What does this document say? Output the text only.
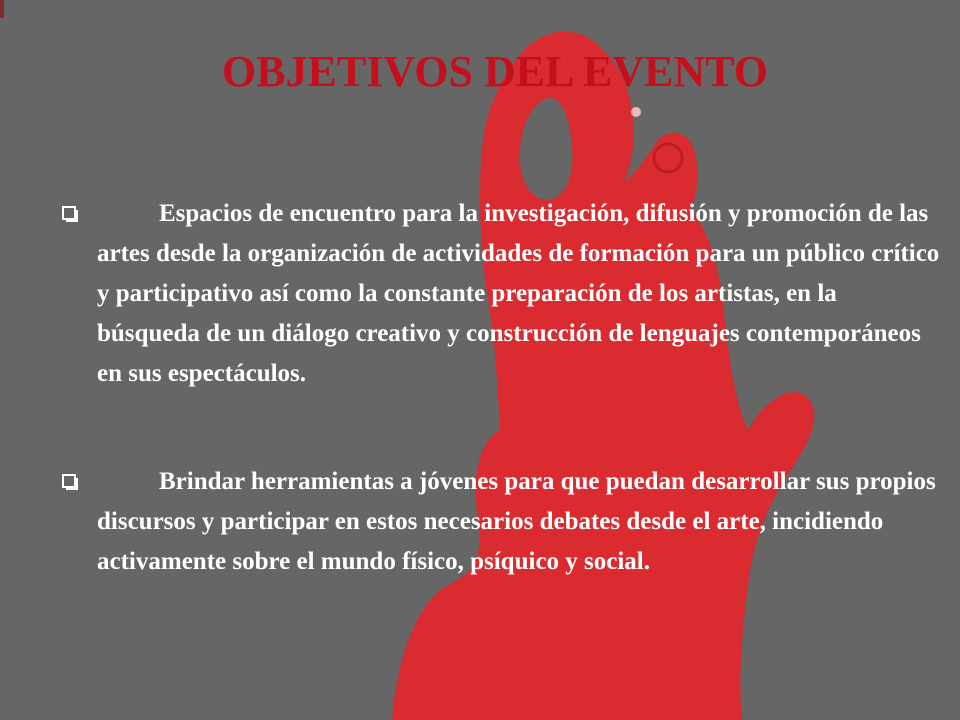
OBJETIVOS DEL EVENTO
Espacios de encuentro para la investigación, difusión y promoción de las artes desde la organización de actividades de formación para un público crítico y participativo así como la constante preparación de los artistas, en la búsqueda de un diálogo creativo y construcción de lenguajes contemporáneos en sus espectáculos.
Brindar herramientas a jóvenes para que puedan desarrollar sus propios discursos y participar en estos necesarios debates desde el arte, incidiendo activamente sobre el mundo físico, psíquico y social.
